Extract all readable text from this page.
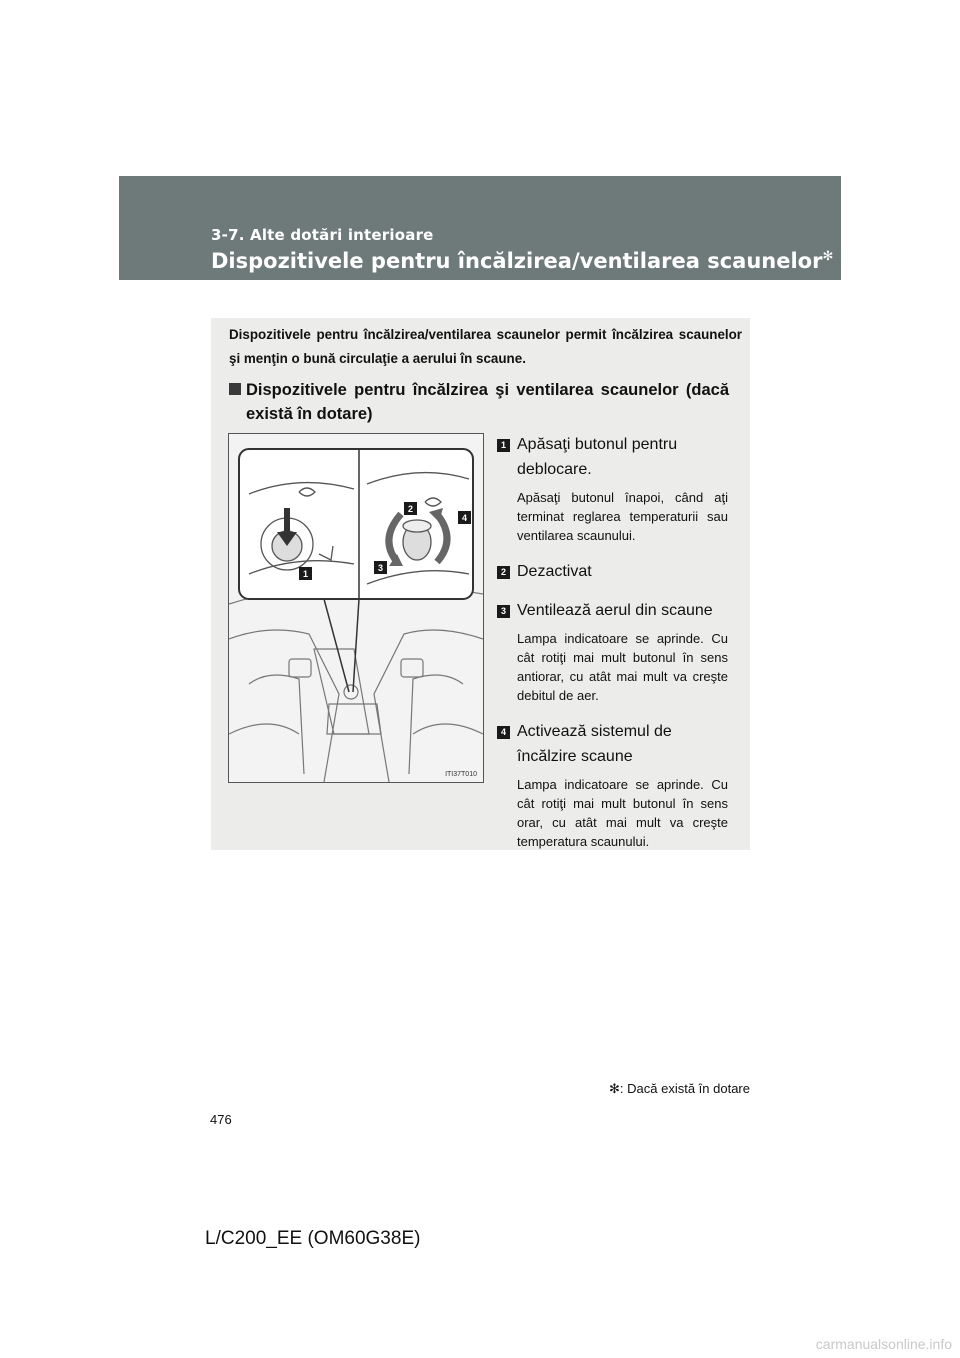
3-7. Alte dotări interioare
Dispozitivele pentru încălzirea/ventilarea scaunelor✻
Dispozitivele pentru încălzirea/ventilarea scaunelor permit încălzirea scaunelor şi menţin o bună circulaţie a aerului în scaune.
Dispozitivele pentru încălzirea şi ventilarea scaunelor (dacă există în dotare)
1
2
3
4
ITI37T010
1 Apăsaţi butonul pentru deblocare.
Apăsaţi butonul înapoi, când aţi terminat reglarea temperaturii sau ventilarea scaunului.
2 Dezactivat
3 Ventilează aerul din scaune
Lampa indicatoare se aprinde. Cu cât rotiţi mai mult butonul în sens antiorar, cu atât mai mult va creşte debitul de aer.
4 Activează sistemul de încălzire scaune
Lampa indicatoare se aprinde. Cu cât rotiţi mai mult butonul în sens orar, cu atât mai mult va creşte temperatura scaunului.
✻: Dacă există în dotare
476
L/C200_EE (OM60G38E)
carmanualsonline.info
